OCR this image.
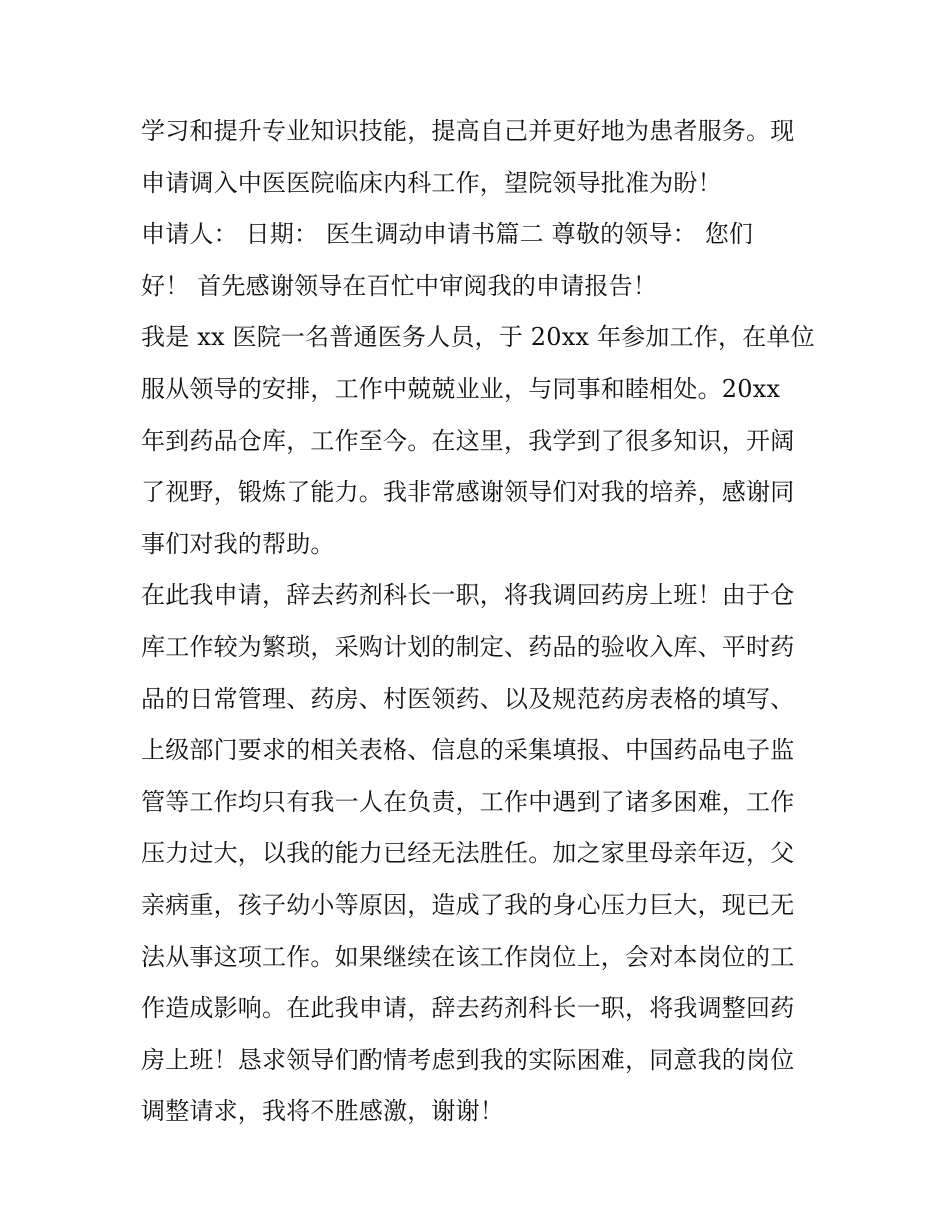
学习和提升专业知识技能，提高自己并更好地为患者服务。现
申请调入中医医院临床内科工作，望院领导批准为盼！
申请人： 日期： 医生调动申请书篇二 尊敬的领导： 您们
好！ 首先感谢领导在百忙中审阅我的申请报告！
我是 xx 医院一名普通医务人员，于 20xx 年参加工作，在单位
服从领导的安排，工作中兢兢业业，与同事和睦相处。20xx
年到药品仓库，工作至今。在这里，我学到了很多知识，开阔
了视野，锻炼了能力。我非常感谢领导们对我的培养，感谢同
事们对我的帮助。
在此我申请，辞去药剂科长一职，将我调回药房上班！由于仓
库工作较为繁琐，采购计划的制定、药品的验收入库、平时药
品的日常管理、药房、村医领药、以及规范药房表格的填写、
上级部门要求的相关表格、信息的采集填报、中国药品电子监
管等工作均只有我一人在负责，工作中遇到了诸多困难，工作
压力过大，以我的能力已经无法胜任。加之家里母亲年迈，父
亲病重，孩子幼小等原因，造成了我的身心压力巨大，现已无
法从事这项工作。如果继续在该工作岗位上，会对本岗位的工
作造成影响。在此我申请，辞去药剂科长一职，将我调整回药
房上班！恳求领导们酌情考虑到我的实际困难，同意我的岗位
调整请求，我将不胜感激，谢谢！
